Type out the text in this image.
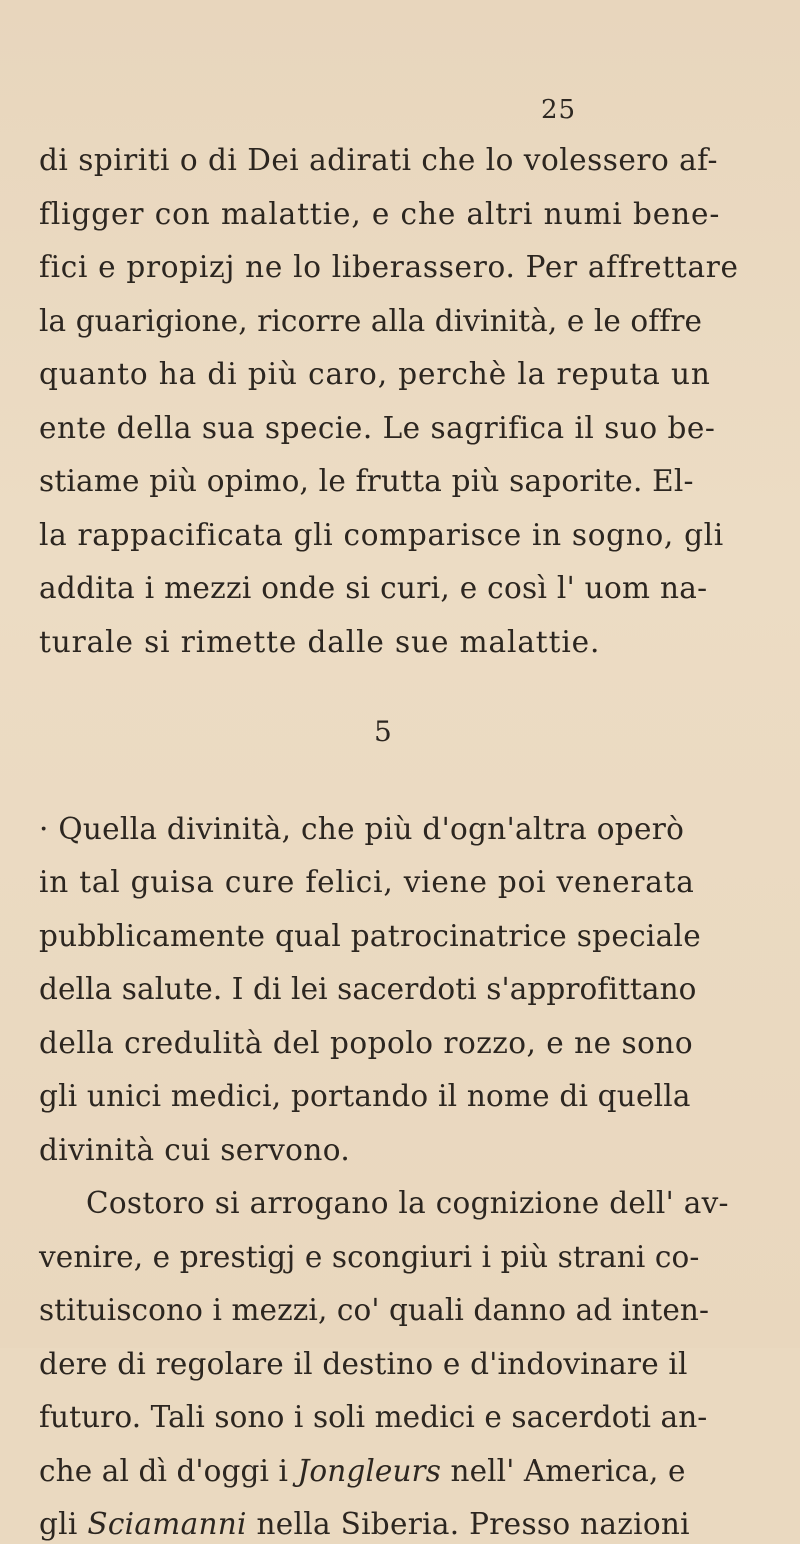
25
di spiriti o di Dei adirati che lo volessero af-
fligger con malattie, e che altri numi bene-
fici e propizj ne lo liberassero. Per affrettare
la guarigione, ricorre alla divinità, e le offre
quanto ha di più caro, perchè la reputa un
ente della sua specie. Le sagrifica il suo be-
stiame più opimo, le frutta più saporite. El-
la rappacificata gli comparisce in sogno, gli
addita i mezzi onde si curi, e così l' uom na-
turale si rimette dalle sue malattie.
5
· Quella divinità, che più d'ogn'altra operò
in tal guisa cure felici, viene poi venerata
pubblicamente qual patrocinatrice speciale
della salute. I di lei sacerdoti s'approfittano
della credulità del popolo rozzo, e ne sono
gli unici medici, portando il nome di quella
divinità cui servono.
Costoro si arrogano la cognizione dell' av-
venire, e prestigj e scongiuri i più strani co-
stituiscono i mezzi, co' quali danno ad inten-
dere di regolare il destino e d'indovinare il
futuro. Tali sono i soli medici e sacerdoti an-
che al dì d'oggi i Jongleurs nell' America, e
gli Sciamanni nella Siberia. Presso nazioni
